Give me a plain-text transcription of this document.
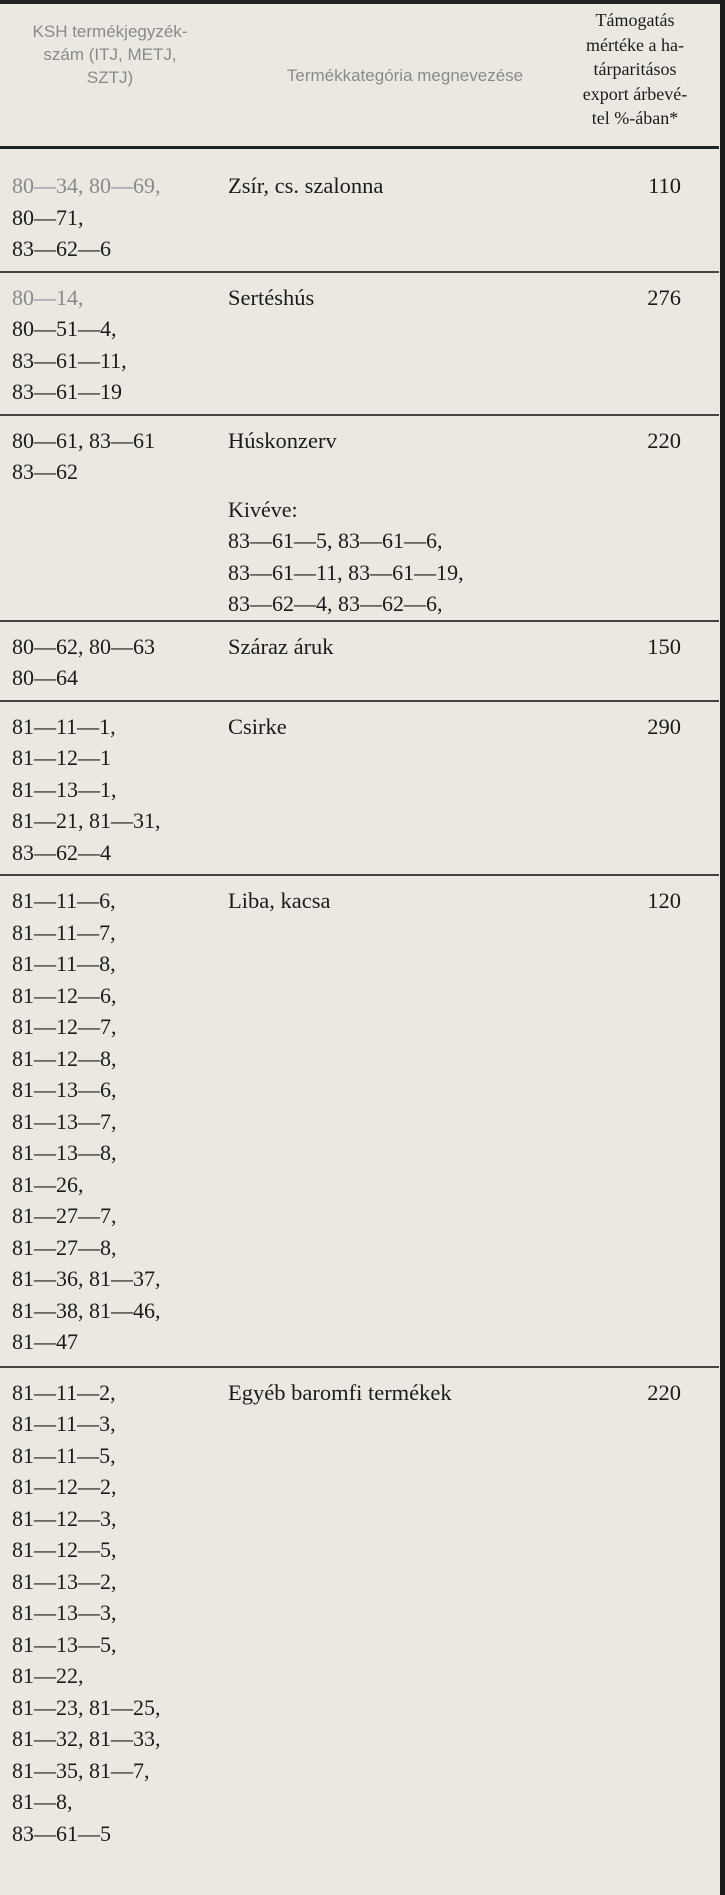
KSH termékjegyzék-
szám (ITJ, METJ,
SZTJ)	Termékkategória megnevezése
Támogatás
mértéke a ha-
tárparitásos
export árbevé-
tel %-ában*
80—34, 80—69,
80—71,
83—62—6
Zsír, cs. szalonna	110
80—14,
80—51—4,
83—61—11,
83—61—19
Sertéshús	276
80—61, 83—61
83—62

Húskonzerv	220
Kivéve:
83—61—5, 83—61—6,
83—61—11, 83—61—19,
83—62—4, 83—62—6,
80—62, 80—63
80—64
Száraz áruk	150
81—11—1,
81—12—1
81—13—1,
81—21, 81—31,
83—62—4
Csirke	290
81—11—6,
81—11—7,
81—11—8,
81—12—6,
81—12—7,
81—12—8,
81—13—6,
81—13—7,
81—13—8,
81—26,
81—27—7,
81—27—8,
81—36, 81—37,
81—38, 81—46,
81—47
Liba, kacsa	120
81—11—2,
81—11—3,
81—11—5,
81—12—2,
81—12—3,
81—12—5,
81—13—2,
81—13—3,
81—13—5,
81—22,
81—23, 81—25,
81—32, 81—33,
81—35, 81—7,
81—8,
83—61—5
Egyéb baromfi termékek	220
